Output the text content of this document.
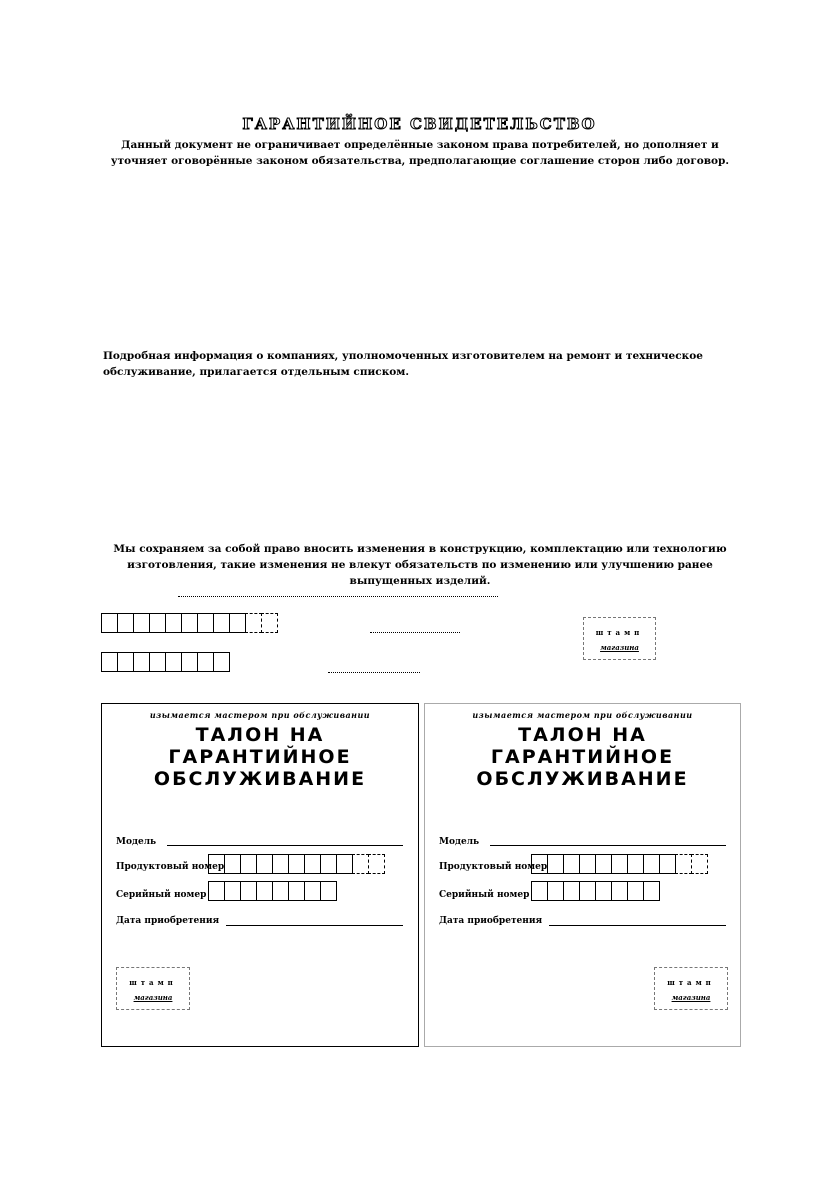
ГАРАНТИЙНОЕ СВИДЕТЕЛЬСТВО
Данный документ не ограничивает определённые законом права потребителей, но дополняет и уточняет оговорённые законом обязательства, предполагающие соглашение сторон либо договор.
Подробная информация о компаниях, уполномоченных изготовителем на ремонт и техническое обслуживание, прилагается отдельным списком.
Мы сохраняем за собой право вносить изменения в конструкцию, комплектацию или технологию изготовления, такие изменения не влекут обязательств по изменению или улучшению ранее выпущенных изделий.
штамп
магазина
изымается мастером при обслуживании
ТАЛОН НА ГАРАНТИЙНОЕ
ОБСЛУЖИВАНИЕ
Модель
Продуктовый номер
Серийный номер
Дата приобретения
штамп
магазина
изымается мастером при обслуживании
ТАЛОН НА ГАРАНТИЙНОЕ
ОБСЛУЖИВАНИЕ
Модель
Продуктовый номер
Серийный номер
Дата приобретения
штамп
магазина
